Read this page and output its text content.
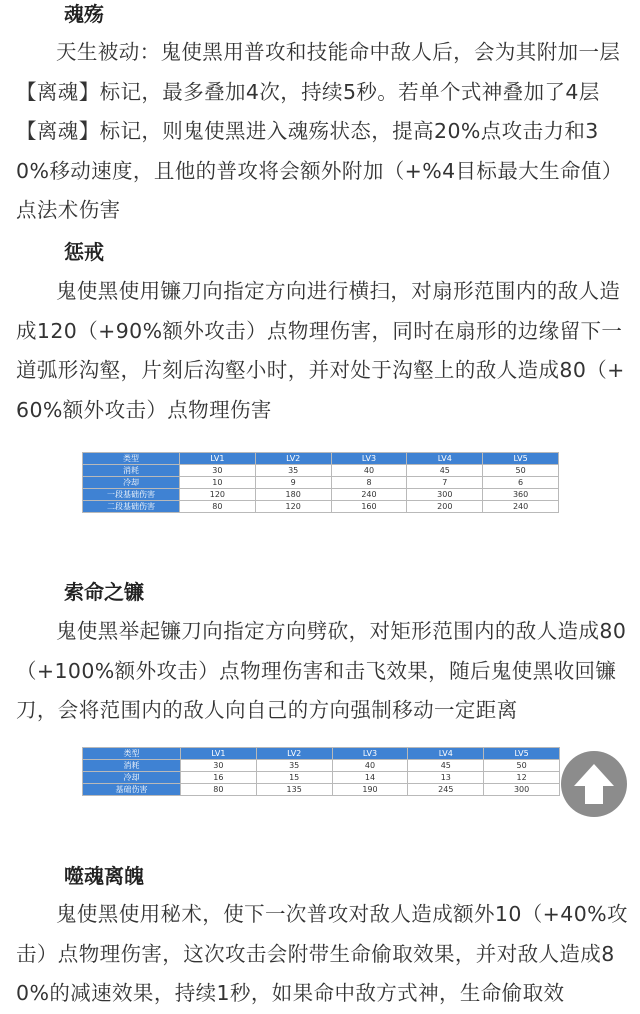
魂殇

天生被动：鬼使黑用普攻和技能命中敌人后，会为其附加一层【离魂】标记，最多叠加4次，持续5秒。若单个式神叠加了4层【离魂】标记，则鬼使黑进入魂殇状态，提高20%点攻击力和30%移动速度，且他的普攻将会额外附加（+%4目标最大生命值）点法术伤害

惩戒

鬼使黑使用镰刀向指定方向进行横扫，对扇形范围内的敌人造成120（+90%额外攻击）点物理伤害，同时在扇形的边缘留下一道弧形沟壑，片刻后沟壑小时，并对处于沟壑上的敌人造成80（+60%额外攻击）点物理伤害

类型	LV1	LV2	LV3	LV4	LV5
消耗	30	35	40	45	50
冷却	10	9	8	7	6
一段基础伤害	120	180	240	300	360
二段基础伤害	80	120	160	200	240
索命之镰

鬼使黑举起镰刀向指定方向劈砍，对矩形范围内的敌人造成80（+100%额外攻击）点物理伤害和击飞效果，随后鬼使黑收回镰刀，会将范围内的敌人向自己的方向强制移动一定距离

类型	LV1	LV2	LV3	LV4	LV5
消耗	30	35	40	45	50
冷却	16	15	14	13	12
基础伤害	80	135	190	245	300
噬魂离魄

鬼使黑使用秘术，使下一次普攻对敌人造成额外10（+40%攻击）点物理伤害，这次攻击会附带生命偷取效果，并对敌人造成80%的减速效果，持续1秒，如果命中敌方式神，生命偷取效
